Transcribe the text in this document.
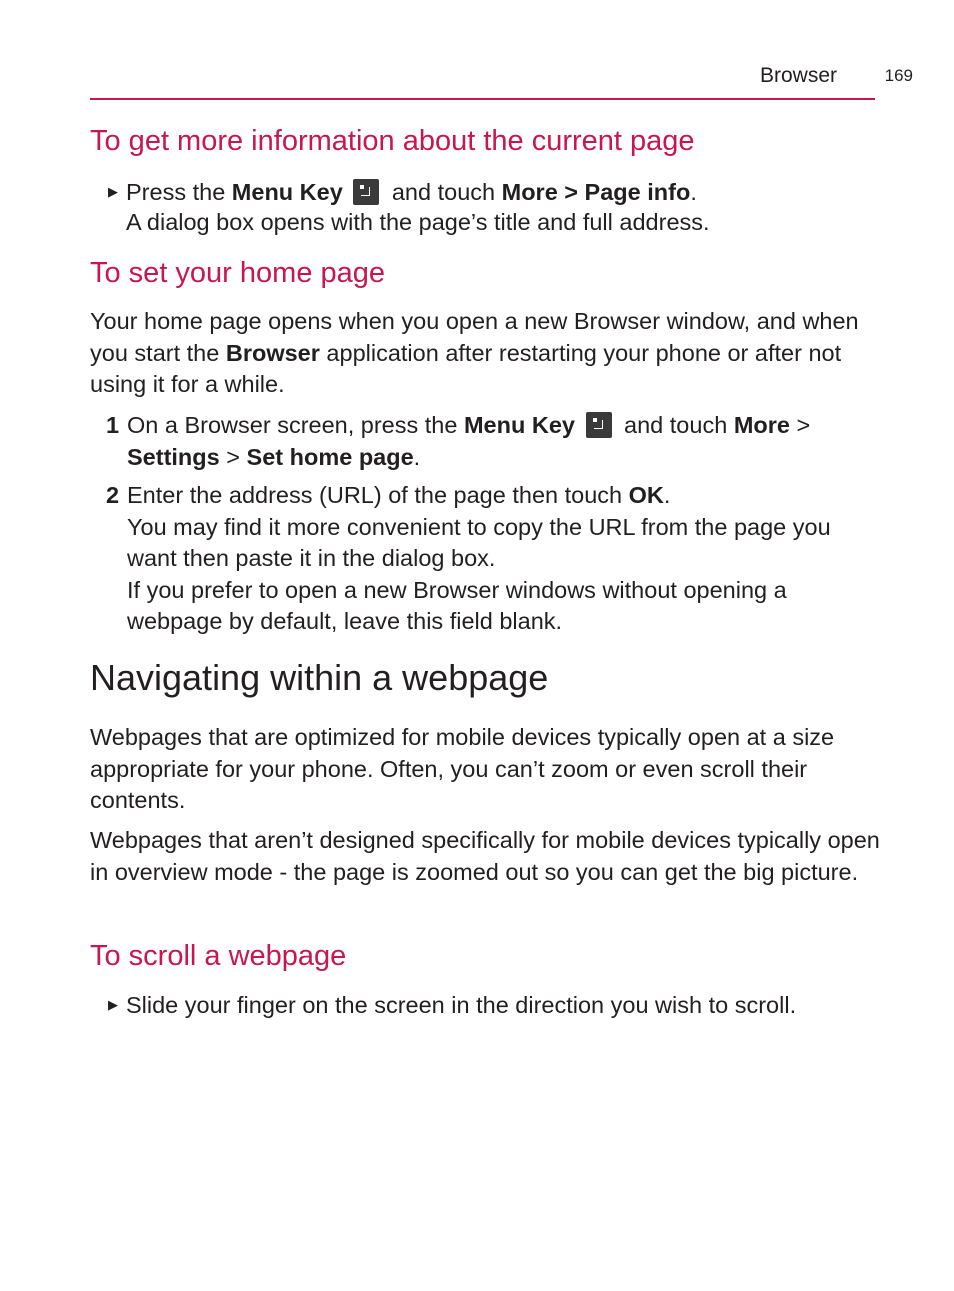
Browser	169
To get more information about the current page
▶ Press the Menu Key  and touch More > Page info.
A dialog box opens with the page’s title and full address.
To set your home page

Your home page opens when you open a new Browser window, and when you start the Browser application after restarting your phone or after not using it for a while.

1 On a Browser screen, press the Menu Key  and touch More > Settings > Set home page.
2 Enter the address (URL) of the page then touch OK.
You may find it more convenient to copy the URL from the page you want then paste it in the dialog box.
If you prefer to open a new Browser windows without opening a webpage by default, leave this field blank.
Navigating within a webpage

Webpages that are optimized for mobile devices typically open at a size appropriate for your phone. Often, you can’t zoom or even scroll their contents.

Webpages that aren’t designed specifically for mobile devices typically open in overview mode - the page is zoomed out so you can get the big picture.

To scroll a webpage
▶ Slide your finger on the screen in the direction you wish to scroll.
